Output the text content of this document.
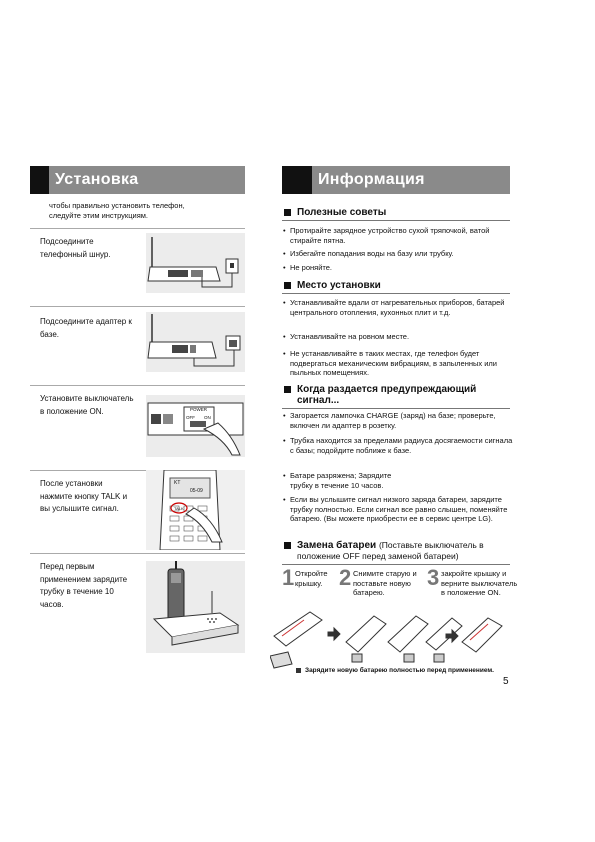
Установка
чтобы правильно установить телефон,
следуйте этим инструкциям.
Подсоедините телефонный шнур.
Подсоедините адаптер к базе.
Установите выключатель в положение ON.	POWER
OFF ON
После установки нажмите кнопку TALK и вы услышите сигнал.
KT
05-09
TALK
Перед первым применением зарядите трубку в течение 10 часов.
Информация
Полезные советы
• Протирайте зарядное устройство сухой тряпочкой, ватой стирайте пятна.
• Избегайте попадания воды на базу или трубку.
• Не роняйте.
Место установки
• Устанавливайте вдали от нагревательных приборов, батарей центрального отопления, кухонных плит и т.д.
• Устанавливайте на ровном месте.
• Не устанавливайте в таких местах, где телефон будет подвергаться механическим вибрациям, в запыленных или пыльных помещениях.
Когда раздается предупреждающий сигнал...
• Загорается лампочка CHARGE (заряд) на базе; проверьте, включен ли адаптер в розетку.
• Трубка находится за пределами радиуса досягаемости сигнала с базы; подойдите поближе к базе.
• Батаре разряжена; Зарядите трубку в течение 10 часов.
• Если вы услышите сигнал низкого заряда батареи, зарядите трубку полностью. Если сигнал все равно слышен, поменяйте батарею. (Вы можете приобрести ее в сервис центре LG).
Замена батареи (Поставьте выключатель в положение OFF перед заменой батареи)
1 Откройте крышку. 2 Снимите старую и поставьте новую батарею.
3 закройте крышку и верните выключатель в положение ON.
Зарядите новую батарею полностью перед применением.
5
